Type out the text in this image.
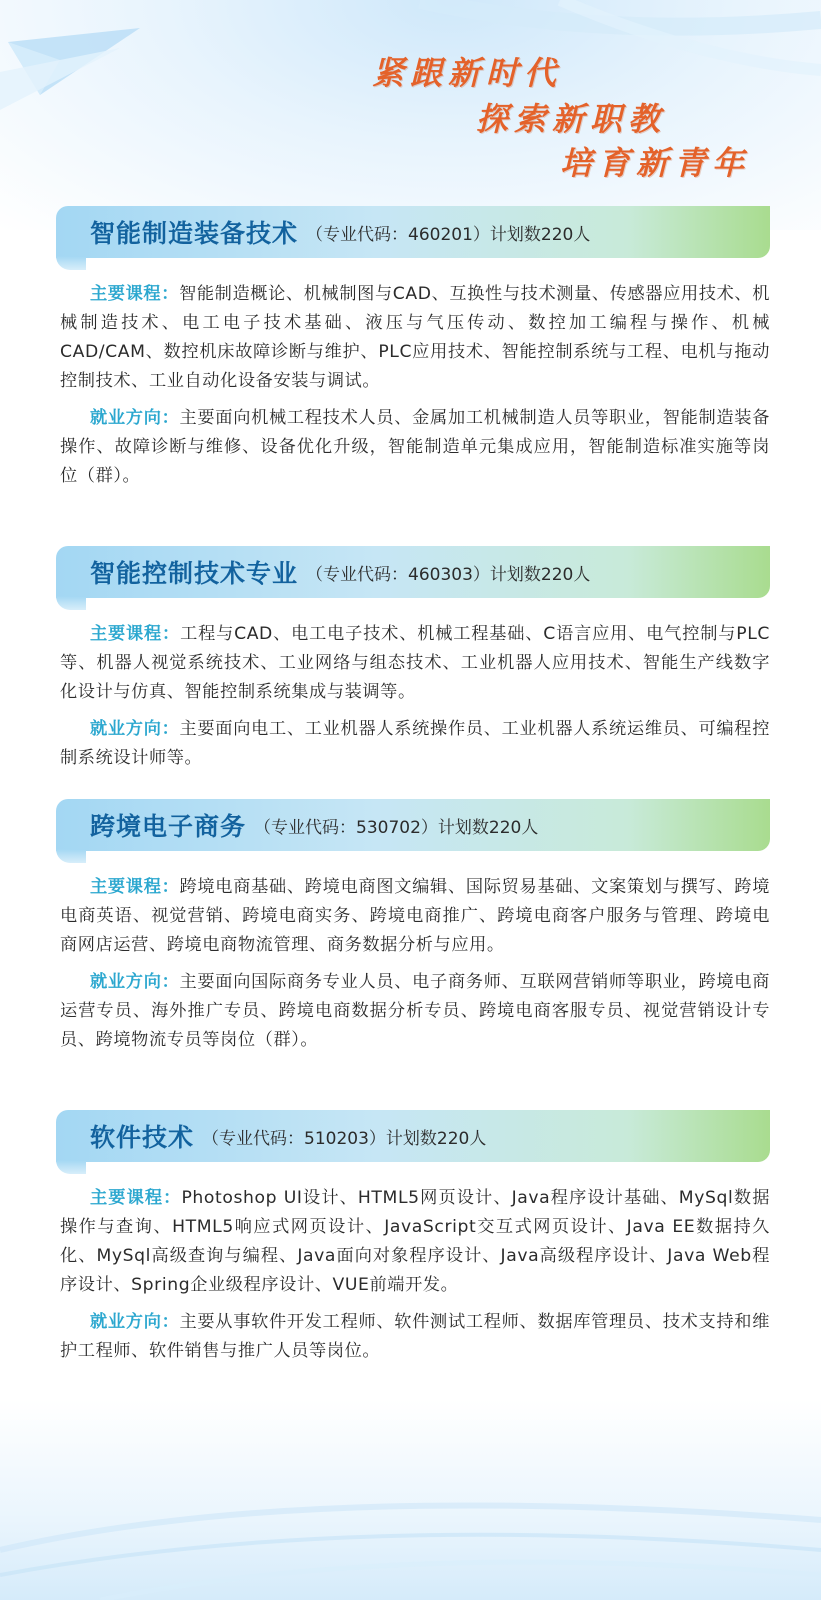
紧跟新时代
探索新职教
培育新青年
智能制造装备技术 （专业代码：460201）计划数220人

主要课程：智能制造概论、机械制图与CAD、互换性与技术测量、传感器应用技术、机械制造技术、电工电子技术基础、液压与气压传动、数控加工编程与操作、机械CAD/CAM、数控机床故障诊断与维护、PLC应用技术、智能控制系统与工程、电机与拖动控制技术、工业自动化设备安装与调试。

就业方向：主要面向机械工程技术人员、金属加工机械制造人员等职业，智能制造装备操作、故障诊断与维修、设备优化升级，智能制造单元集成应用，智能制造标准实施等岗位（群）。

智能控制技术专业 （专业代码：460303）计划数220人

主要课程：工程与CAD、电工电子技术、机械工程基础、C语言应用、电气控制与PLC等、机器人视觉系统技术、工业网络与组态技术、工业机器人应用技术、智能生产线数字化设计与仿真、智能控制系统集成与装调等。

就业方向：主要面向电工、工业机器人系统操作员、工业机器人系统运维员、可编程控制系统设计师等。

跨境电子商务 （专业代码：530702）计划数220人

主要课程：跨境电商基础、跨境电商图文编辑、国际贸易基础、文案策划与撰写、跨境电商英语、视觉营销、跨境电商实务、跨境电商推广、跨境电商客户服务与管理、跨境电商网店运营、跨境电商物流管理、商务数据分析与应用。

就业方向：主要面向国际商务专业人员、电子商务师、互联网营销师等职业，跨境电商运营专员、海外推广专员、跨境电商数据分析专员、跨境电商客服专员、视觉营销设计专员、跨境物流专员等岗位（群）。

软件技术 （专业代码：510203）计划数220人

主要课程：Photoshop UI设计、HTML5网页设计、Java程序设计基础、MySql数据操作与查询、HTML5响应式网页设计、JavaScript交互式网页设计、Java EE数据持久化、MySql高级查询与编程、Java面向对象程序设计、Java高级程序设计、Java Web程序设计、Spring企业级程序设计、VUE前端开发。

就业方向：主要从事软件开发工程师、软件测试工程师、数据库管理员、技术支持和维护工程师、软件销售与推广人员等岗位。
